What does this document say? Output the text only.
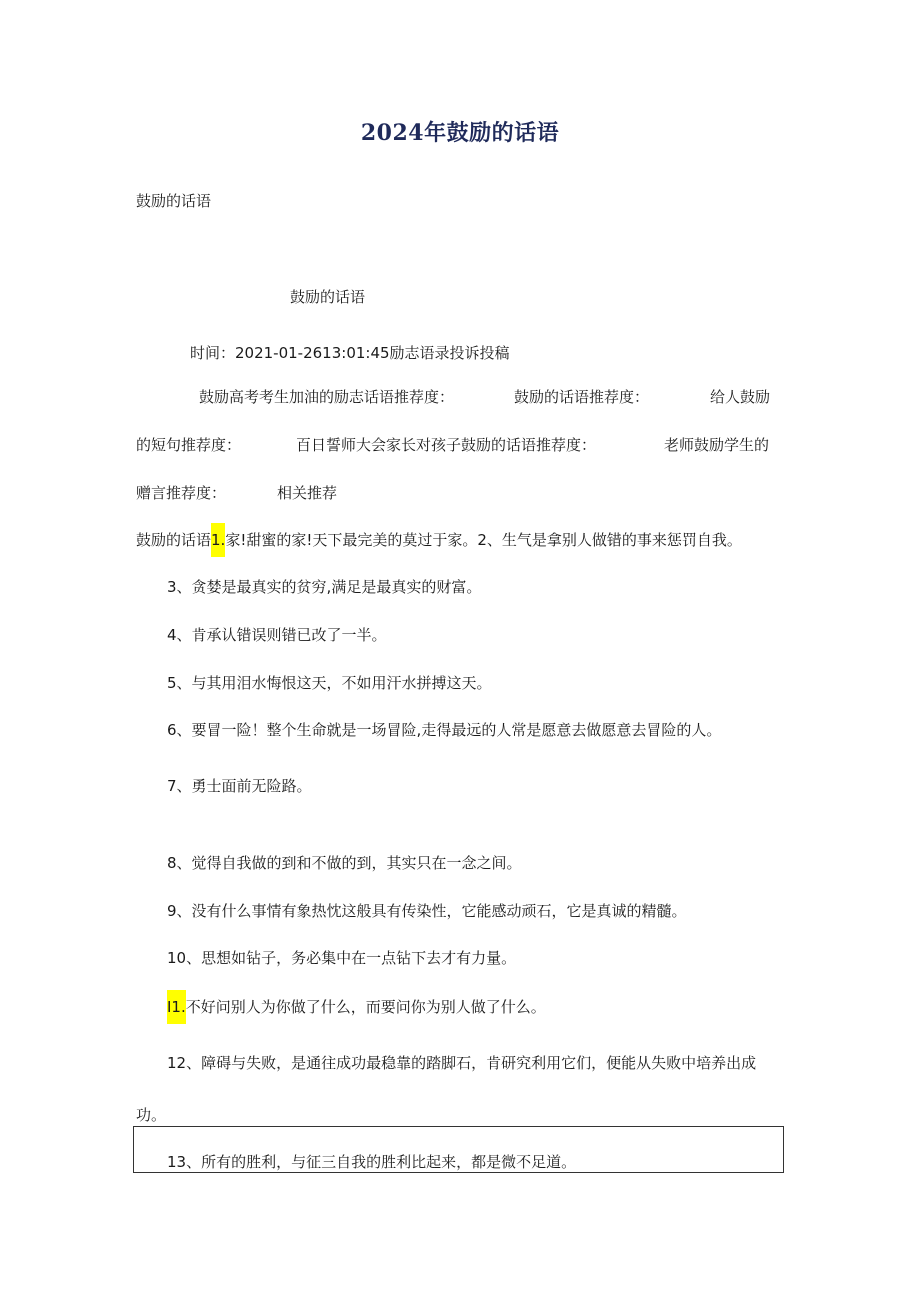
2024年鼓励的话语
鼓励的话语
鼓励的话语
时间：2021-01-2613:01:45励志语录投诉投稿
鼓励高考考生加油的励志话语推荐度：	鼓励的话语推荐度：	给人鼓励
的短句推荐度：	百日誓师大会家长对孩子鼓励的话语推荐度：	老师鼓励学生的
赠言推荐度：	相关推荐
鼓励的话语1.家!甜蜜的家!天下最完美的莫过于家。2、生气是拿别人做错的事来惩罚自我。
3、贪婪是最真实的贫穷,满足是最真实的财富。
4、肯承认错误则错已改了一半。
5、与其用泪水悔恨这天，不如用汗水拼搏这天。
6、要冒一险！整个生命就是一场冒险,走得最远的人常是愿意去做愿意去冒险的人。
7、勇士面前无险路。
8、觉得自我做的到和不做的到，其实只在一念之间。
9、没有什么事情有象热忱这般具有传染性，它能感动顽石，它是真诚的精髓。
10、思想如钻子，务必集中在一点钻下去才有力量。
I1.不好问别人为你做了什么，而要问你为别人做了什么。
12、障碍与失败，是通往成功最稳靠的踏脚石，肯研究利用它们，便能从失败中培养出成
功。
13、所有的胜利，与征三自我的胜利比起来，都是微不足道。
